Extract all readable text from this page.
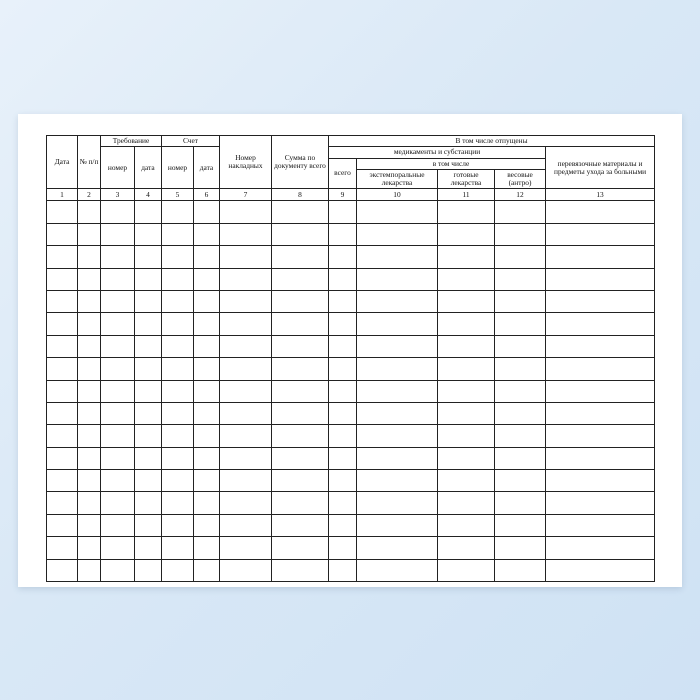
Дата	№ п/п	Требование		Счет		Номер накладных	Сумма по документу всего	В том числе отпущены				
		номер	дата	номер	дата			медикаменты и субстанции				перевязочные материалы и предметы ухода за больными
								всего	в том числе			
									экстемпоральные лекарства	готовые лекарства	весовые (антро)	
1	2	3	4	5	6	7	8	9	10	11	12	13
